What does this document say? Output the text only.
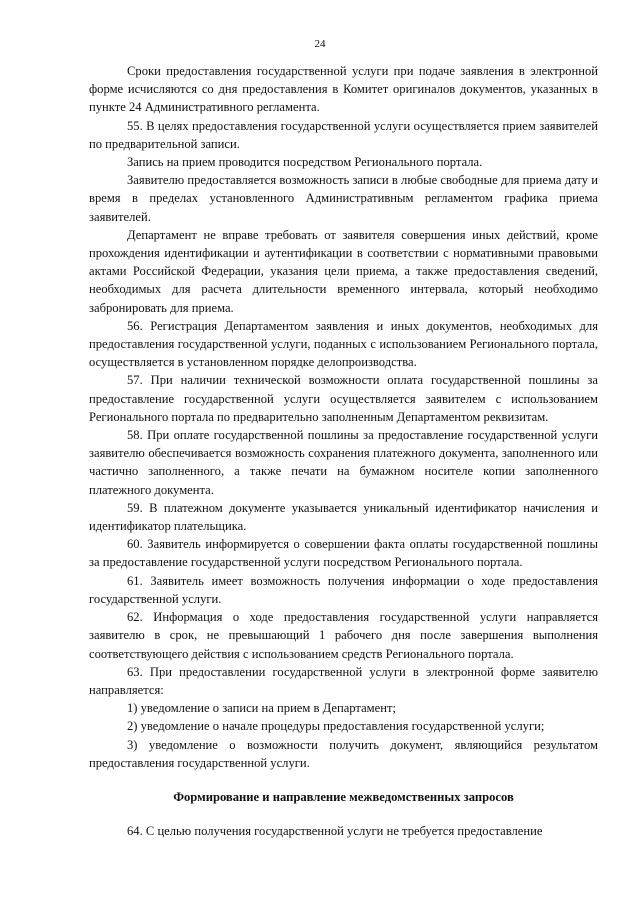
24

Сроки предоставления государственной услуги при подаче заявления в электронной форме исчисляются со дня предоставления в Комитет оригиналов документов, указанных в пункте 24 Административного регламента.

55. В целях предоставления государственной услуги осуществляется прием заявителей по предварительной записи.

Запись на прием проводится посредством Регионального портала.

Заявителю предоставляется возможность записи в любые свободные для приема дату и время в пределах установленного Административным регламентом графика приема заявителей.

Департамент не вправе требовать от заявителя совершения иных действий, кроме прохождения идентификации и аутентификации в соответствии с нормативными правовыми актами Российской Федерации, указания цели приема, а также предоставления сведений, необходимых для расчета длительности временного интервала, который необходимо забронировать для приема.

56. Регистрация Департаментом заявления и иных документов, необходимых для предоставления государственной услуги, поданных с использованием Регионального портала, осуществляется в установленном порядке делопроизводства.

57. При наличии технической возможности оплата государственной пошлины за предоставление государственной услуги осуществляется заявителем с использованием Регионального портала по предварительно заполненным Департаментом реквизитам.

58. При оплате государственной пошлины за предоставление государственной услуги заявителю обеспечивается возможность сохранения платежного документа, заполненного или частично заполненного, а также печати на бумажном носителе копии заполненного платежного документа.

59. В платежном документе указывается уникальный идентификатор начисления и идентификатор плательщика.

60. Заявитель информируется о совершении факта оплаты государственной пошлины за предоставление государственной услуги посредством Регионального портала.

61. Заявитель имеет возможность получения информации о ходе предоставления государственной услуги.

62. Информация о ходе предоставления государственной услуги направляется заявителю в срок, не превышающий 1 рабочего дня после завершения выполнения соответствующего действия с использованием средств Регионального портала.

63. При предоставлении государственной услуги в электронной форме заявителю направляется:

1) уведомление о записи на прием в Департамент;

2) уведомление о начале процедуры предоставления государственной услуги;

3) уведомление о возможности получить документ, являющийся результатом предоставления государственной услуги.

Формирование и направление межведомственных запросов

64. С целью получения государственной услуги не требуется предоставление
